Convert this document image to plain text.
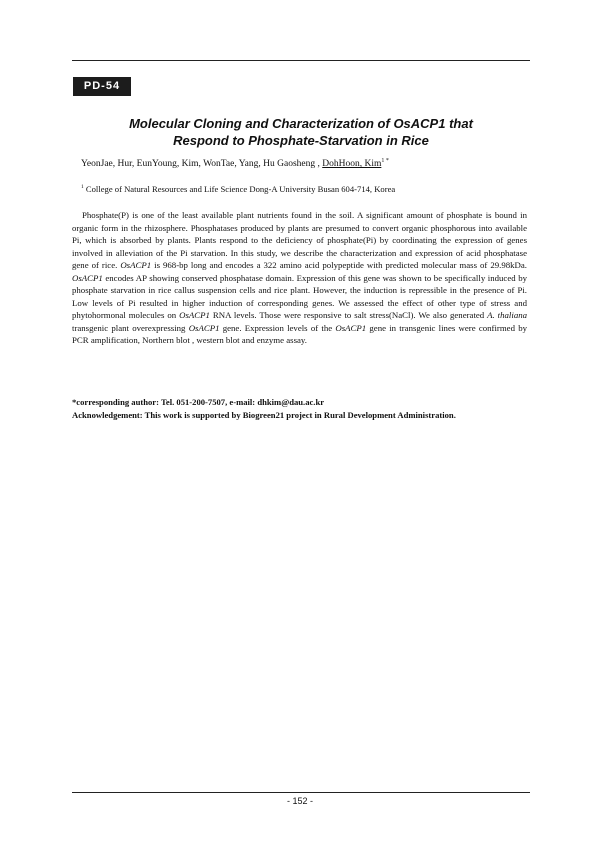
PD-54
Molecular Cloning and Characterization of OsACP1 that
Respond to Phosphate-Starvation in Rice
YeonJae, Hur, EunYoung, Kim, WonTae, Yang, Hu Gaosheng , DohHoon, Kim$^{1 *}$
$^1$ College of Natural Resources and Life Science Dong-A University Busan 604-714, Korea

Phosphate(P) is one of the least available plant nutrients found in the soil. A significant amount of phosphate is bound in organic form in the rhizosphere. Phosphatases produced by plants are presumed to convert organic phosphorous into available Pi, which is absorbed by plants. Plants respond to the deficiency of phosphate(Pi) by coordinating the expression of genes involved in alleviation of the Pi starvation. In this study, we describe the characterization and expression of acid phosphatase gene of rice. OsACP1 is 968-bp long and encodes a 322 amino acid polypeptide with predicted molecular mass of 29.98kDa. OsACP1 encodes AP showing conserved phosphatase domain. Expression of this gene was shown to be specifically induced by phosphate starvation in rice callus suspension cells and rice plant. However, the induction is repressible in the presence of Pi. Low levels of Pi resulted in higher induction of corresponding genes. We assessed the effect of other type of stress and phytohormonal molecules on OsACP1 RNA levels. Those were responsive to salt stress(NaCl). We also generated A. thaliana transgenic plant overexpressing OsACP1 gene. Expression levels of the OsACP1 gene in transgenic lines were confirmed by PCR amplification, Northern blot , western blot and enzyme assay.

*corresponding author: Tel. 051-200-7507, e-mail: dhkim@dau.ac.kr
Acknowledgement: This work is supported by Biogreen21 project in Rural Development Administration.
- 152 -
